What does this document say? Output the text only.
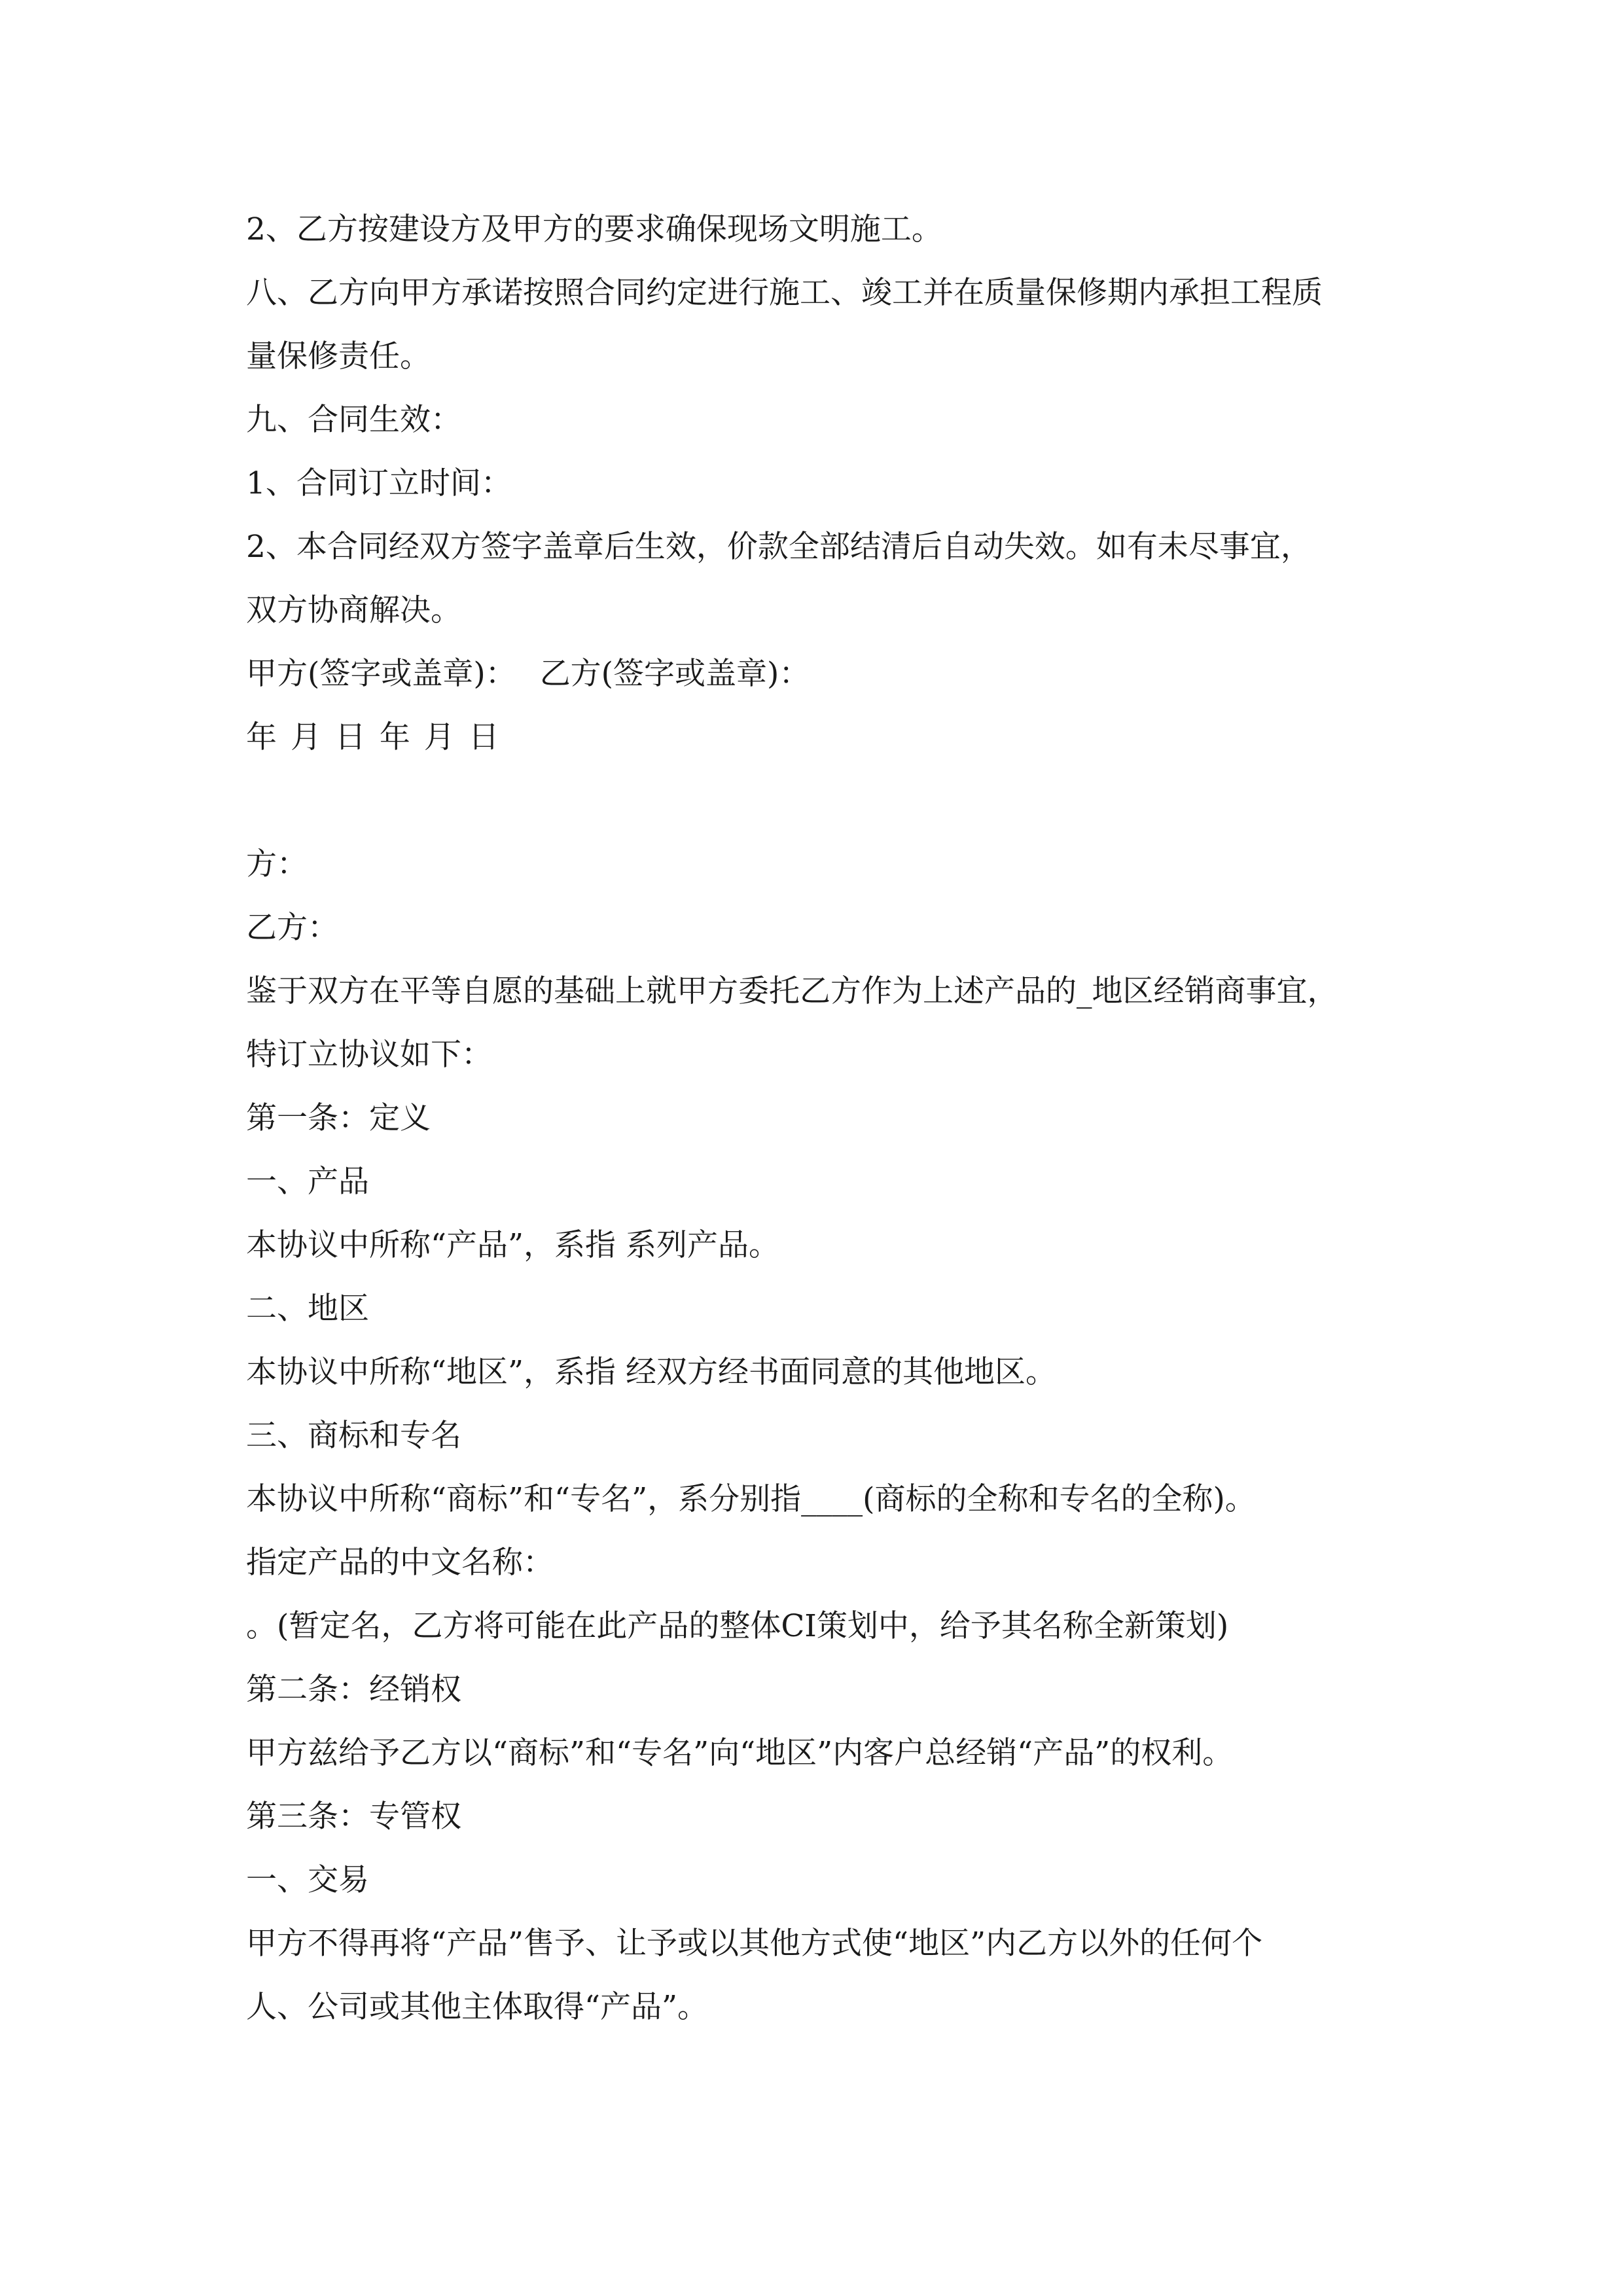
2、乙方按建设方及甲方的要求确保现场文明施工。
八、乙方向甲方承诺按照合同约定进行施工、竣工并在质量保修期内承担工程质
量保修责任。
九、合同生效：
1、合同订立时间：
2、本合同经双方签字盖章后生效，价款全部结清后自动失效。如有未尽事宜，
双方协商解决。
甲方(签字或盖章)： 乙方(签字或盖章)：
年 月 日 年 月 日
方：
乙方：
鉴于双方在平等自愿的基础上就甲方委托乙方作为上述产品的_地区经销商事宜，
特订立协议如下：
第一条：定义
一、产品
本协议中所称“产品”，系指 系列产品。
二、地区
本协议中所称“地区”，系指 经双方经书面同意的其他地区。
三、商标和专名
本协议中所称“商标”和“专名”，系分别指____(商标的全称和专名的全称)。
指定产品的中文名称：
。(暂定名，乙方将可能在此产品的整体CI策划中，给予其名称全新策划)
第二条：经销权
甲方兹给予乙方以“商标”和“专名”向“地区”内客户总经销“产品”的权利。
第三条：专管权
一、交易
甲方不得再将“产品”售予、让予或以其他方式使“地区”内乙方以外的任何个
人、公司或其他主体取得“产品”。
